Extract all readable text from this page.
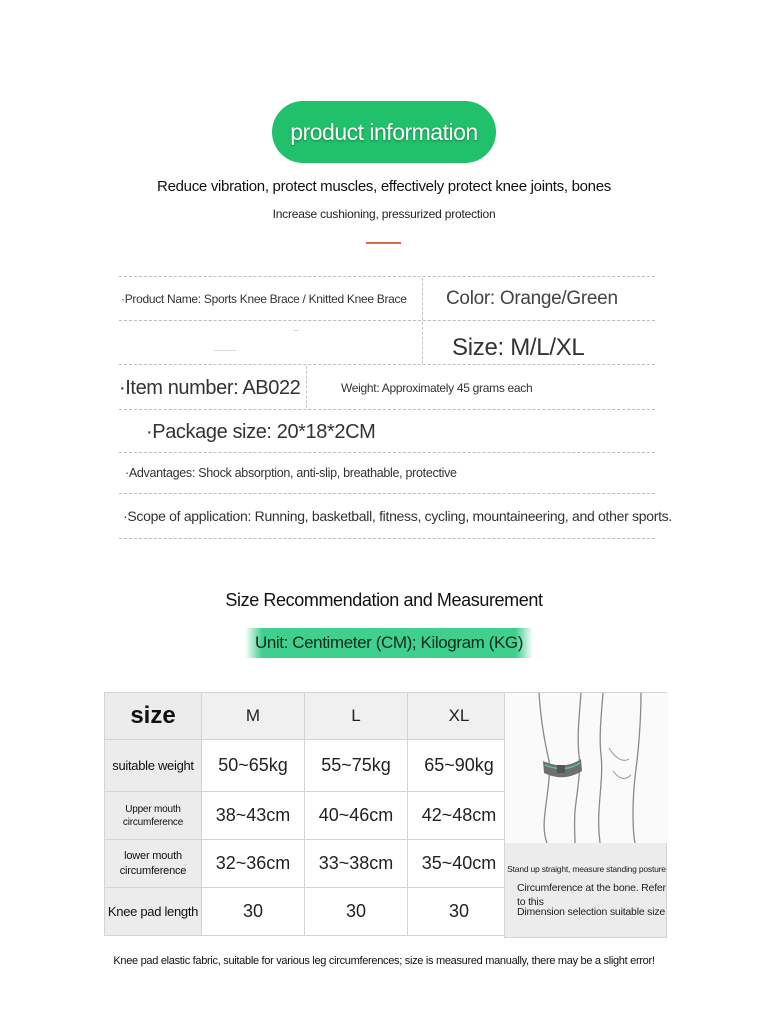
product information
Reduce vibration, protect muscles, effectively protect knee joints, bones
Increase cushioning, pressurized protection
·Product Name: Sports Knee Brace / Knitted Knee Brace Color: Orange/Green
Size: M/L/XL
·Item number: AB022	Weight: Approximately 45 grams each
·Package size: 20*18*2CM
·Advantages: Shock absorption, anti-slip, breathable, protective
·Scope of application: Running, basketball, fitness, cycling, mountaineering, and other sports.
Size Recommendation and Measurement
Unit: Centimeter (CM); Kilogram (KG)
size	M	L	XL
suitable weight	50~65kg	55~75kg	65~90kg

Upper mouth circumference	38~43cm	40~46cm	42~48cm

lower mouth circumference	32~36cm	33~38cm	35~40cm
Knee pad length	30	30	30
Stand up straight, measure standing posture
Circumference at the bone. Refer to this
Dimension selection suitable size
Knee pad elastic fabric, suitable for various leg circumferences; size is measured manually, there may be a slight error!
